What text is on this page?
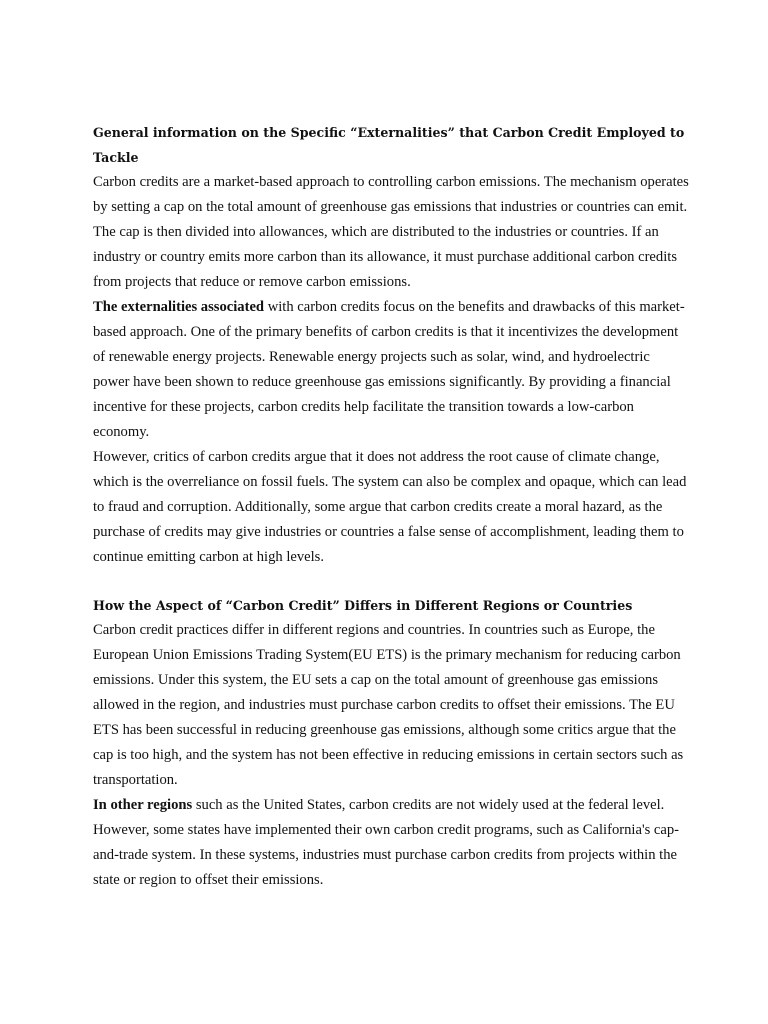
General information on the Specific “Externalities” that Carbon Credit Employed to Tackle

Carbon credits are a market-based approach to controlling carbon emissions. The mechanism operates by setting a cap on the total amount of greenhouse gas emissions that industries or countries can emit. The cap is then divided into allowances, which are distributed to the industries or countries. If an industry or country emits more carbon than its allowance, it must purchase additional carbon credits from projects that reduce or remove carbon emissions.

The externalities associated with carbon credits focus on the benefits and drawbacks of this market-based approach. One of the primary benefits of carbon credits is that it incentivizes the development of renewable energy projects. Renewable energy projects such as solar, wind, and hydroelectric power have been shown to reduce greenhouse gas emissions significantly. By providing a financial incentive for these projects, carbon credits help facilitate the transition towards a low-carbon economy.

However, critics of carbon credits argue that it does not address the root cause of climate change, which is the overreliance on fossil fuels. The system can also be complex and opaque, which can lead to fraud and corruption. Additionally, some argue that carbon credits create a moral hazard, as the purchase of credits may give industries or countries a false sense of accomplishment, leading them to continue emitting carbon at high levels.

How the Aspect of “Carbon Credit” Differs in Different Regions or Countries

Carbon credit practices differ in different regions and countries. In countries such as Europe, the European Union Emissions Trading System(EU ETS) is the primary mechanism for reducing carbon emissions. Under this system, the EU sets a cap on the total amount of greenhouse gas emissions allowed in the region, and industries must purchase carbon credits to offset their emissions. The EU ETS has been successful in reducing greenhouse gas emissions, although some critics argue that the cap is too high, and the system has not been effective in reducing emissions in certain sectors such as transportation.

In other regions such as the United States, carbon credits are not widely used at the federal level. However, some states have implemented their own carbon credit programs, such as California's cap-and-trade system. In these systems, industries must purchase carbon credits from projects within the state or region to offset their emissions.
